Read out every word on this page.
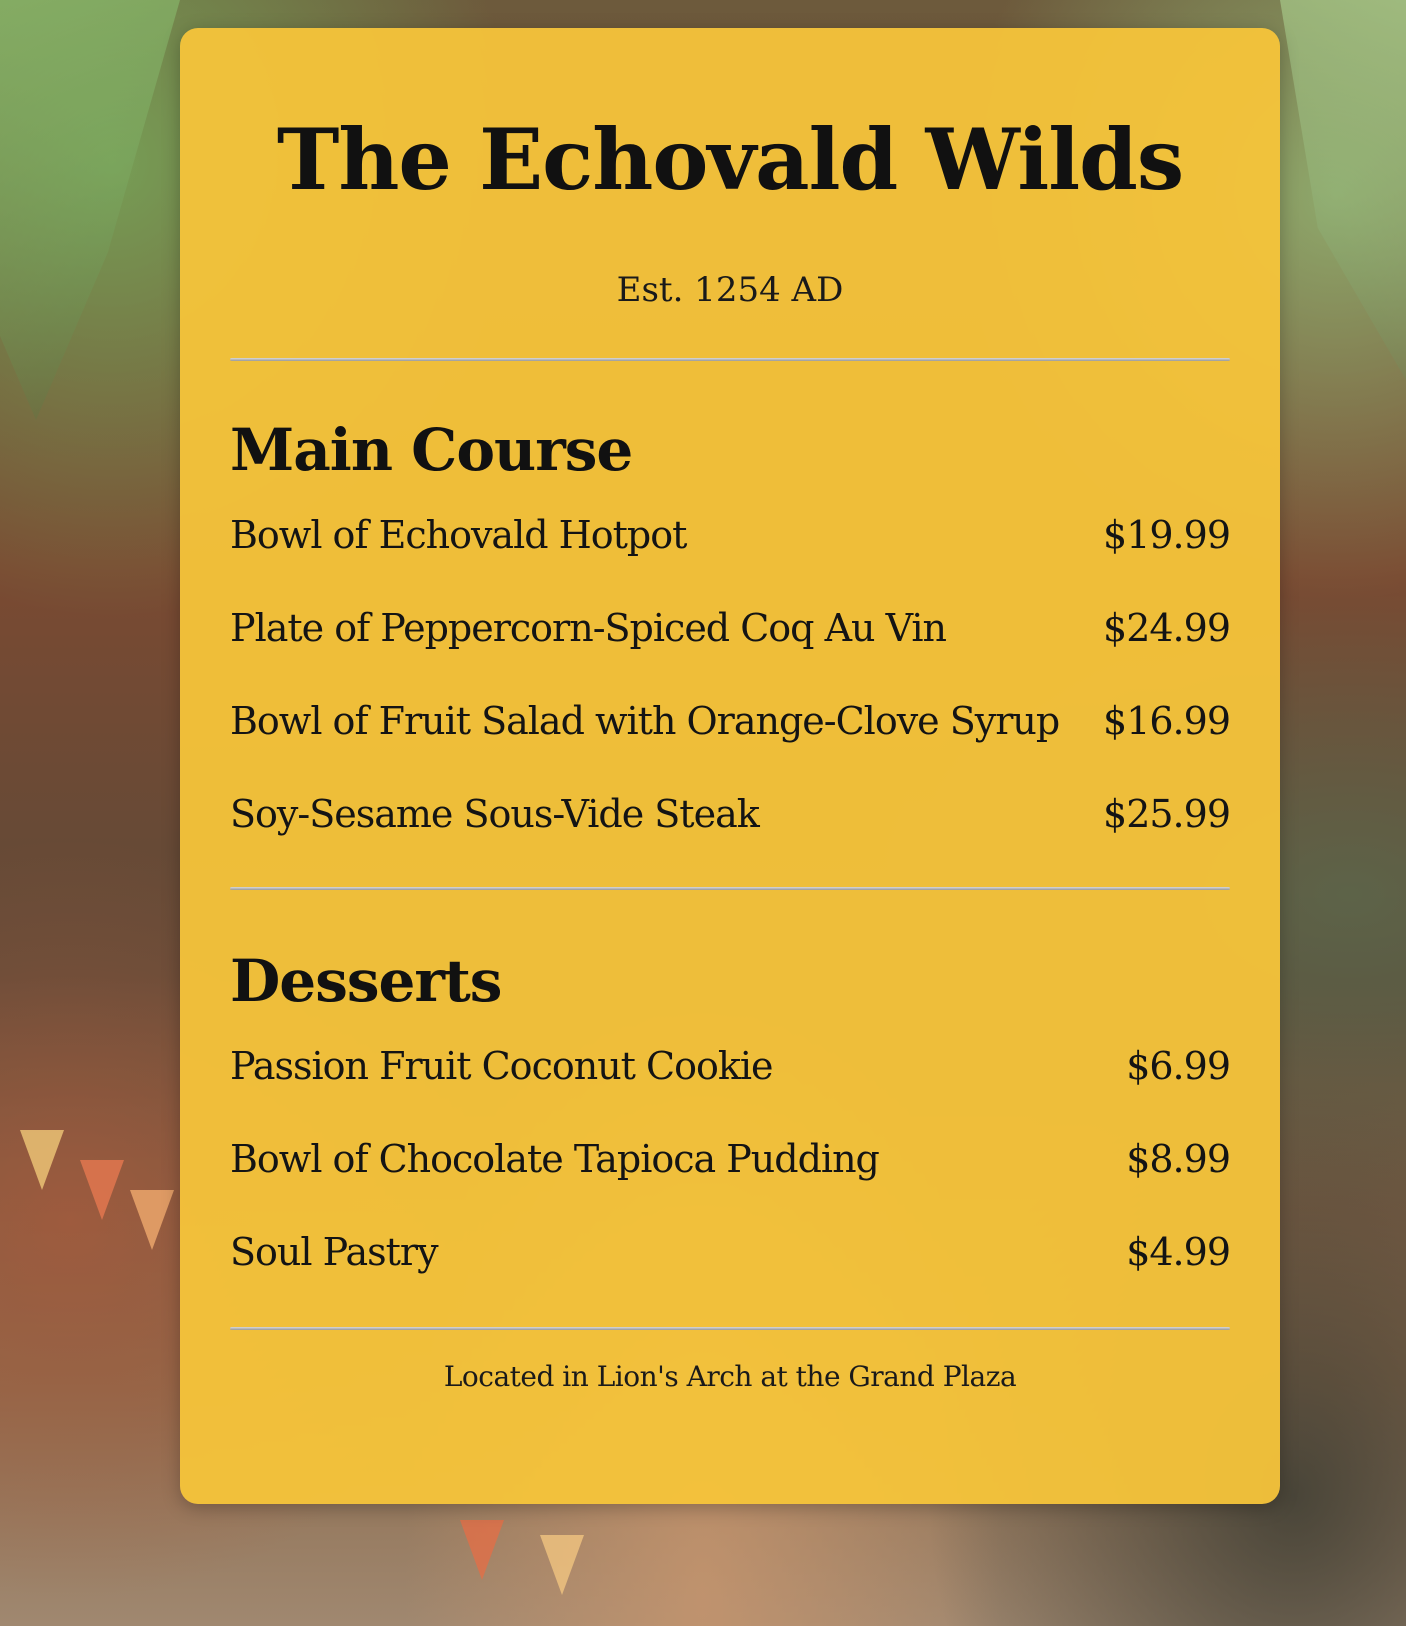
The Echovald Wilds
Est. 1254 AD
Main Course
Bowl of Echovald Hotpot	$19.99
Plate of Peppercorn-Spiced Coq Au Vin	$24.99
Bowl of Fruit Salad with Orange-Clove Syrup $16.99
Soy-Sesame Sous-Vide Steak	$25.99
Desserts
Passion Fruit Coconut Cookie	$6.99
Bowl of Chocolate Tapioca Pudding	$8.99
Soul Pastry	$4.99
Located in Lion's Arch at the Grand Plaza
